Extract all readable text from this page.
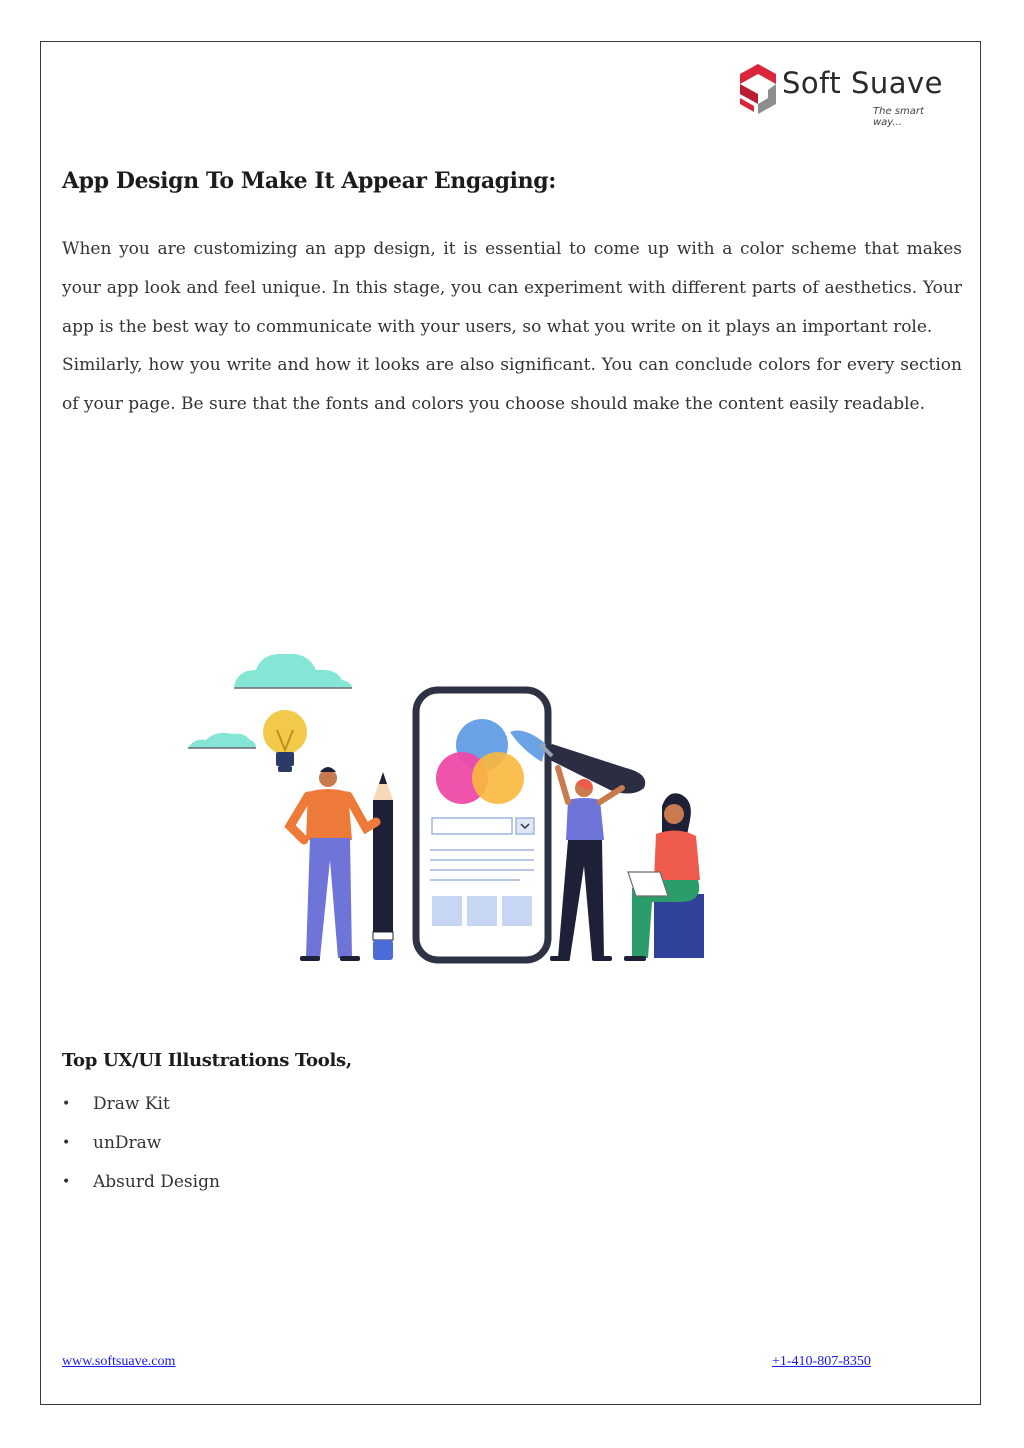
Soft Suave
The smart way...
App Design To Make It Appear Engaging:

When you are customizing an app design, it is essential to come up with a color scheme that makes your app look and feel unique. In this stage, you can experiment with different parts of aesthetics. Your app is the best way to communicate with your users, so what you write on it plays an important role.

Similarly, how you write and how it looks are also significant. You can conclude colors for every section of your page. Be sure that the fonts and colors you choose should make the content easily readable.

Top UX/UI Illustrations Tools,
• Draw Kit
• unDraw
• Absurd Design
www.softsuave.com	+1-410-807-8350
